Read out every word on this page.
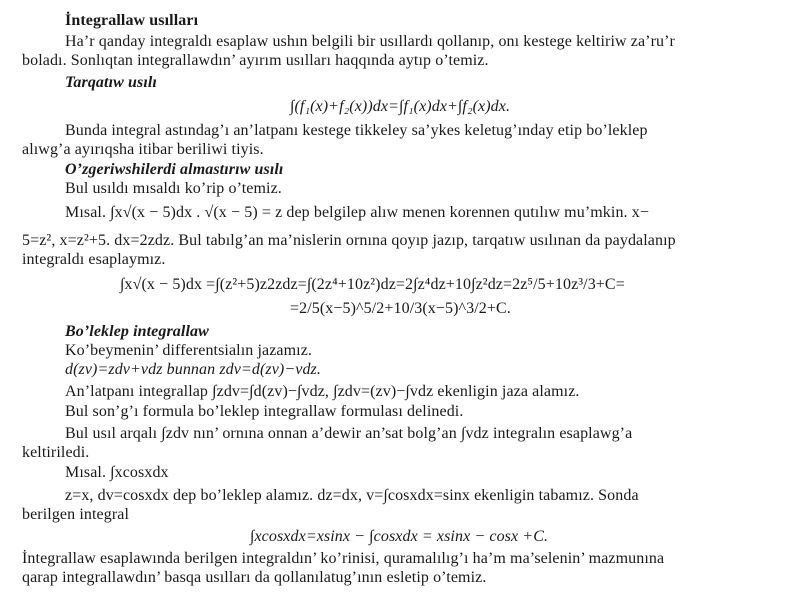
İntegrallaw usılları
Ha’r qanday integraldı esaplaw ushın belgili bir usıllardı qollanıp, onı kestege keltiriw za’ru’r
boladı. Sonlıqtan integrallawdın’ ayırım usılları haqqında aytıp o’temiz.
Tarqatıw usılı
∫(f₁(x)+f₂(x))dx=∫f₁(x)dx+∫f₂(x)dx.
Bunda integral astındag’ı an’latpanı kestege tikkeley sa’ykes keletug’ınday etip bo’leklep
alıwg’a ayırıqsha itibar beriliwi tiyis.
O’zgeriwshilerdi almastırıw usılı
Bul usıldı mısaldı ko’rip o’temiz.
Mısal. ∫x√(x − 5)dx . √(x − 5) = z dep belgilep alıw menen korennen qutılıw mu’mkin. x−
5=z², x=z²+5. dx=2zdz. Bul tabılg’an ma’nislerin ornına qoyıp jazıp, tarqatıw usılınan da paydalanıp
integraldı esaplaymız.
∫x√(x − 5)dx =∫(z²+5)z2zdz=∫(2z⁴+10z²)dz=2∫z⁴dz+10∫z²dz=2z⁵/5+10z³/3+C=
=2/5(x−5)^5/2+10/3(x−5)^3/2+C.
Bo’leklep integrallaw
Ko’beymenin’ differentsialın jazamız.
d(zv)=zdv+vdz bunnan zdv=d(zv)−vdz.
An’latpanı integrallap ∫zdv=∫d(zv)−∫vdz, ∫zdv=(zv)−∫vdz ekenligin jaza alamız.
Bul son’g’ı formula bo’leklep integrallaw formulası delinedi.
Bul usıl arqalı ∫zdv nın’ ornına onnan a’dewir an’sat bolg’an ∫vdz integralın esaplawg’a
keltiriledi.
Mısal. ∫xcosxdx
z=x, dv=cosxdx dep bo’leklep alamız. dz=dx, v=∫cosxdx=sinx ekenligin tabamız. Sonda
berilgen integral
∫xcosxdx=xsinx − ∫cosxdx = xsinx − cosx +C.
İntegrallaw esaplawında berilgen integraldın’ ko’rinisi, quramalılıg’ı ha’m ma’selenin’ mazmunına
qarap integrallawdın’ basqa usılları da qollanılatug’ının esletip o’temiz.
